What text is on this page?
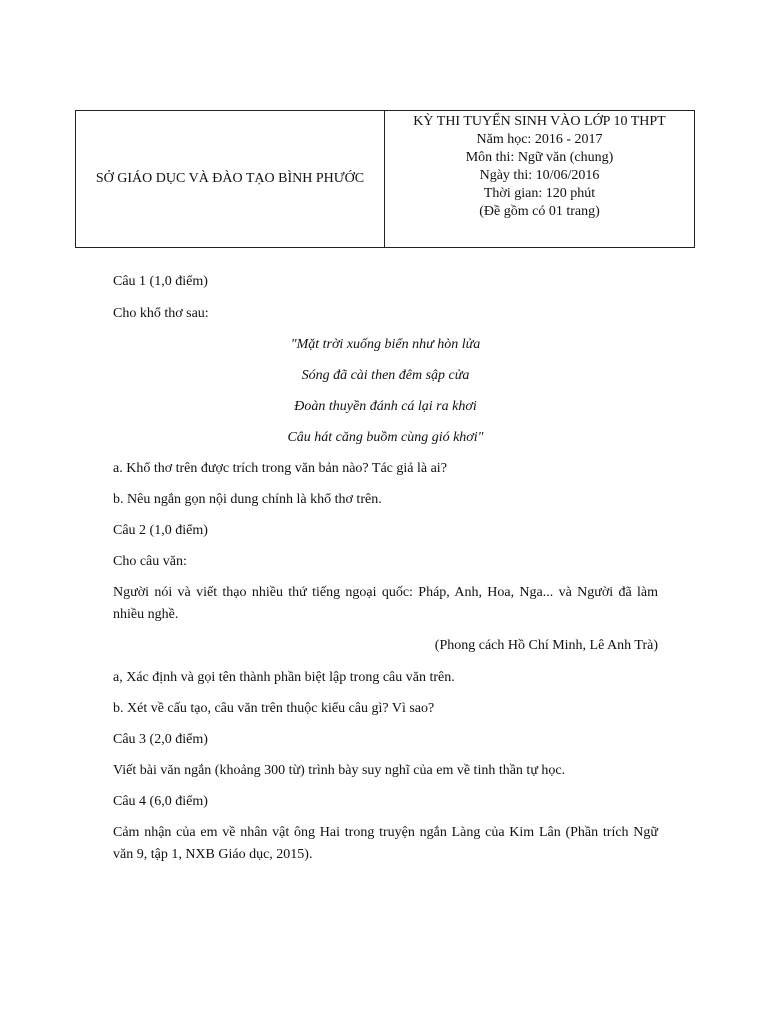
SỞ GIÁO DỤC VÀ ĐÀO TẠO BÌNH PHƯỚC
KỲ THI TUYỂN SINH VÀO LỚP 10 THPT
Năm học: 2016 - 2017
Môn thi: Ngữ văn (chung)
Ngày thi: 10/06/2016
Thời gian: 120 phút
(Đề gồm có 01 trang)
Câu 1 (1,0 điểm)
Cho khổ thơ sau:
"Mặt trời xuống biển như hòn lửa
Sóng đã cài then đêm sập cửa
Đoàn thuyền đánh cá lại ra khơi
Câu hát căng buồm cùng gió khơi"
a. Khổ thơ trên được trích trong văn bản nào? Tác giả là ai?
b. Nêu ngắn gọn nội dung chính là khổ thơ trên.
Câu 2 (1,0 điểm)
Cho câu văn:
Người nói và viết thạo nhiều thứ tiếng ngoại quốc: Pháp, Anh, Hoa, Nga... và Người đã làm nhiều nghề.
(Phong cách Hồ Chí Minh, Lê Anh Trà)
a, Xác định và gọi tên thành phần biệt lập trong câu văn trên.
b. Xét về cấu tạo, câu văn trên thuộc kiểu câu gì? Vì sao?
Câu 3 (2,0 điểm)
Viết bài văn ngắn (khoảng 300 từ) trình bày suy nghĩ của em về tinh thần tự học.
Câu 4 (6,0 điểm)
Cảm nhận của em về nhân vật ông Hai trong truyện ngắn Làng của Kim Lân (Phần trích Ngữ văn 9, tập 1, NXB Giáo dục, 2015).
